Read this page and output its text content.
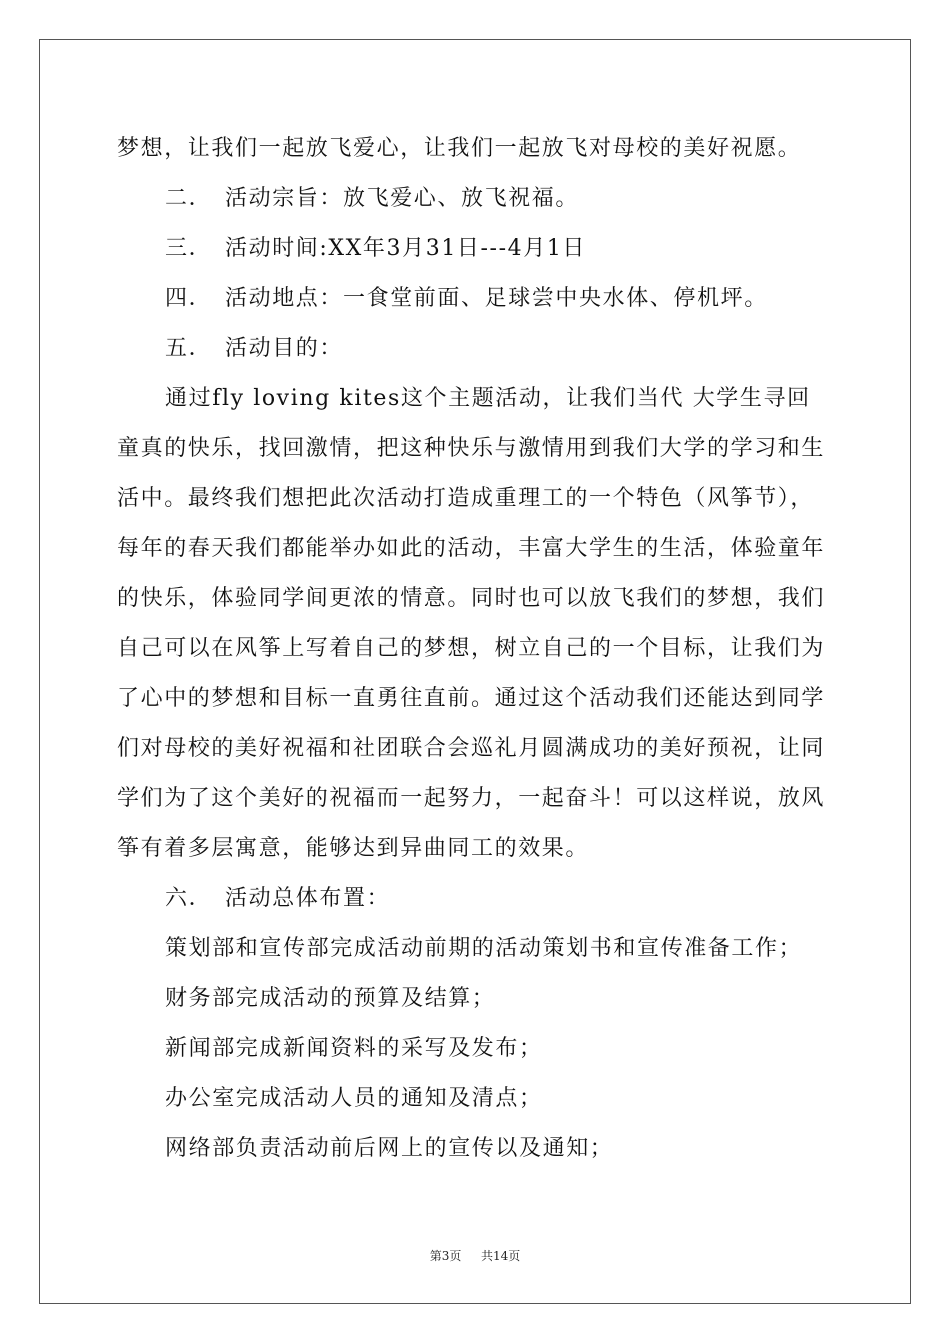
梦想，让我们一起放飞爱心，让我们一起放飞对母校的美好祝愿。
二． 活动宗旨：放飞爱心、放飞祝福。
三． 活动时间:XX年3月31日---4月1日
四． 活动地点：一食堂前面、足球尝中央水体、停机坪。
五． 活动目的：
通过fly loving kites这个主题活动，让我们当代 大学生寻回
童真的快乐，找回激情，把这种快乐与激情用到我们大学的学习和生
活中。最终我们想把此次活动打造成重理工的一个特色（风筝节），
每年的春天我们都能举办如此的活动，丰富大学生的生活，体验童年
的快乐，体验同学间更浓的情意。同时也可以放飞我们的梦想，我们
自己可以在风筝上写着自己的梦想，树立自己的一个目标，让我们为
了心中的梦想和目标一直勇往直前。通过这个活动我们还能达到同学
们对母校的美好祝福和社团联合会巡礼月圆满成功的美好预祝，让同
学们为了这个美好的祝福而一起努力，一起奋斗！可以这样说，放风
筝有着多层寓意，能够达到异曲同工的效果。
六． 活动总体布置：
策划部和宣传部完成活动前期的活动策划书和宣传准备工作；
财务部完成活动的预算及结算；
新闻部完成新闻资料的采写及发布；
办公室完成活动人员的通知及清点；
网络部负责活动前后网上的宣传以及通知；
第3页 共14页
